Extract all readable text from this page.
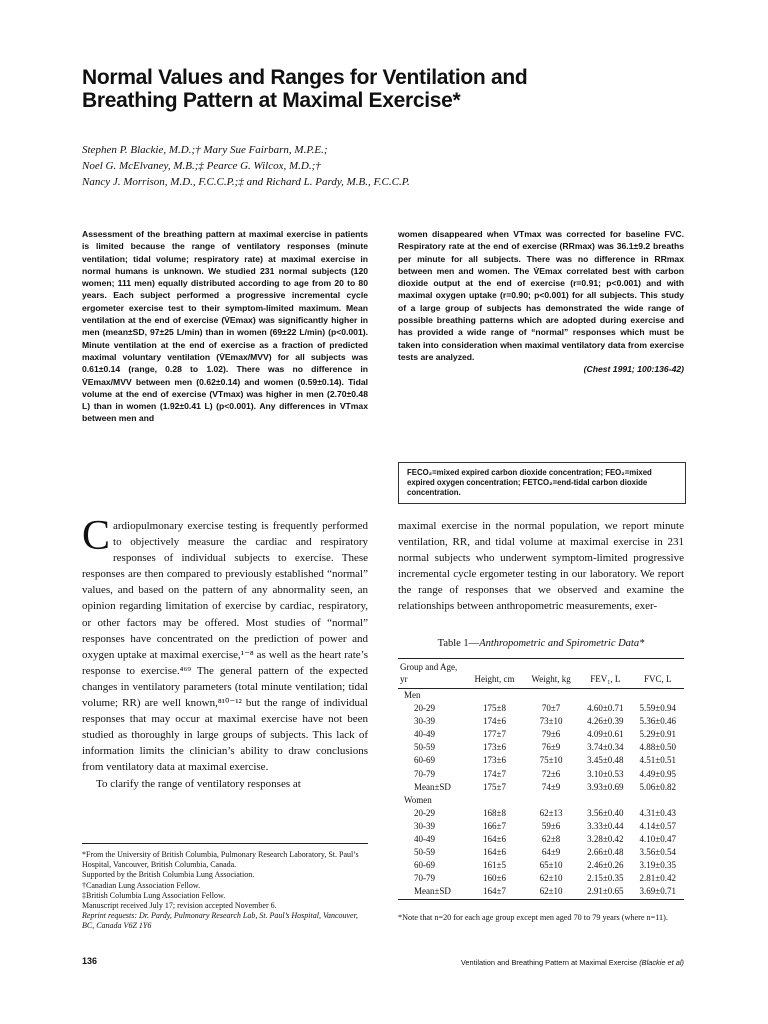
Normal Values and Ranges for Ventilation and Breathing Pattern at Maximal Exercise*
Stephen P. Blackie, M.D.;† Mary Sue Fairbarn, M.P.E.;
Noel G. McElvaney, M.B.;‡ Pearce G. Wilcox, M.D.;†
Nancy J. Morrison, M.D., F.C.C.P.;‡ and Richard L. Pardy, M.B., F.C.C.P.
Assessment of the breathing pattern at maximal exercise in patients is limited because the range of ventilatory responses (minute ventilation; tidal volume; respiratory rate) at maximal exercise in normal humans is unknown. We studied 231 normal subjects (120 women; 111 men) equally distributed according to age from 20 to 80 years. Each subject performed a progressive incremental cycle ergometer exercise test to their symptom-limited maximum. Mean ventilation at the end of exercise (V̇Emax) was significantly higher in men (mean±SD, 97±25 L/min) than in women (69±22 L/min) (p<0.001). Minute ventilation at the end of exercise as a fraction of predicted maximal voluntary ventilation (V̇Emax/MVV) for all subjects was 0.61±0.14 (range, 0.28 to 1.02). There was no difference in V̇Emax/MVV between men (0.62±0.14) and women (0.59±0.14). Tidal volume at the end of exercise (VTmax) was higher in men (2.70±0.48 L) than in women (1.92±0.41 L) (p<0.001). Any differences in VTmax between men and
women disappeared when VTmax was corrected for baseline FVC. Respiratory rate at the end of exercise (RRmax) was 36.1±9.2 breaths per minute for all subjects. There was no difference in RRmax between men and women. The V̇Emax correlated best with carbon dioxide output at the end of exercise (r=0.91; p<0.001) and with maximal oxygen uptake (r=0.90; p<0.001) for all subjects. This study of a large group of subjects has demonstrated the wide range of possible breathing patterns which are adopted during exercise and has provided a wide range of “normal” responses which must be taken into consideration when maximal ventilatory data from exercise tests are analyzed.
(Chest 1991; 100:136-42)
FECO₂=mixed expired carbon dioxide concentration; FEO₂=mixed expired oxygen concentration; FETCO₂=end-tidal carbon dioxide concentration.

C ardiopulmonary exercise testing is frequently performed to objectively measure the cardiac and respiratory responses of individual subjects to exercise. These responses are then compared to previously established “normal” values, and based on the pattern of any abnormality seen, an opinion regarding limitation of exercise by cardiac, respiratory, or other factors may be offered. Most studies of “normal” responses have concentrated on the prediction of power and oxygen uptake at maximal exercise,¹⁻⁸ as well as the heart rate’s response to exercise.⁴⁶⁹ The general pattern of the expected changes in ventilatory parameters (total minute ventilation; tidal volume; RR) are well known,⁸¹⁰⁻¹² but the range of individual responses that may occur at maximal exercise have not been studied as thoroughly in large groups of subjects. This lack of information limits the clinician’s ability to draw conclusions from ventilatory data at maximal exercise.

To clarify the range of ventilatory responses at

*From the University of British Columbia, Pulmonary Research Laboratory, St. Paul’s Hospital, Vancouver, British Columbia, Canada.
Supported by the British Columbia Lung Association.
†Canadian Lung Association Fellow.
‡British Columbia Lung Association Fellow.
Manuscript received July 17; revision accepted November 6.
Reprint requests: Dr. Pardy, Pulmonary Research Lab, St. Paul’s Hospital, Vancouver, BC, Canada V6Z 1Y6

maximal exercise in the normal population, we report minute ventilation, RR, and tidal volume at maximal exercise in 231 normal subjects who underwent symptom-limited progressive incremental cycle ergometer testing in our laboratory. We report the range of responses that we observed and examine the relationships between anthropometric measurements, exer-

Table 1—Anthropometric and Spirometric Data*
Group and Age, yr	Height, cm	Weight, kg	FEV₁, L	FVC, L
Men				
20-29	175±8	70±7	4.60±0.71	5.59±0.94
30-39	174±6	73±10	4.26±0.39	5.36±0.46
40-49	177±7	79±6	4.09±0.61	5.29±0.91
50-59	173±6	76±9	3.74±0.34	4.88±0.50
60-69	173±6	75±10	3.45±0.48	4.51±0.51
70-79	174±7	72±6	3.10±0.53	4.49±0.95
Mean±SD	175±7	74±9	3.93±0.69	5.06±0.82
Women				
20-29	168±8	62±13	3.56±0.40	4.31±0.43
30-39	166±7	59±6	3.33±0.44	4.14±0.57
40-49	164±6	62±8	3.28±0.42	4.10±0.47
50-59	164±6	64±9	2.66±0.48	3.56±0.54
60-69	161±5	65±10	2.46±0.26	3.19±0.35
70-79	160±6	62±10	2.15±0.35	2.81±0.42
Mean±SD	164±7	62±10	2.91±0.65	3.69±0.71
*Note that n=20 for each age group except men aged 70 to 79 years (where n=11).
136	Ventilation and Breathing Pattern at Maximal Exercise (Blackie et al)
